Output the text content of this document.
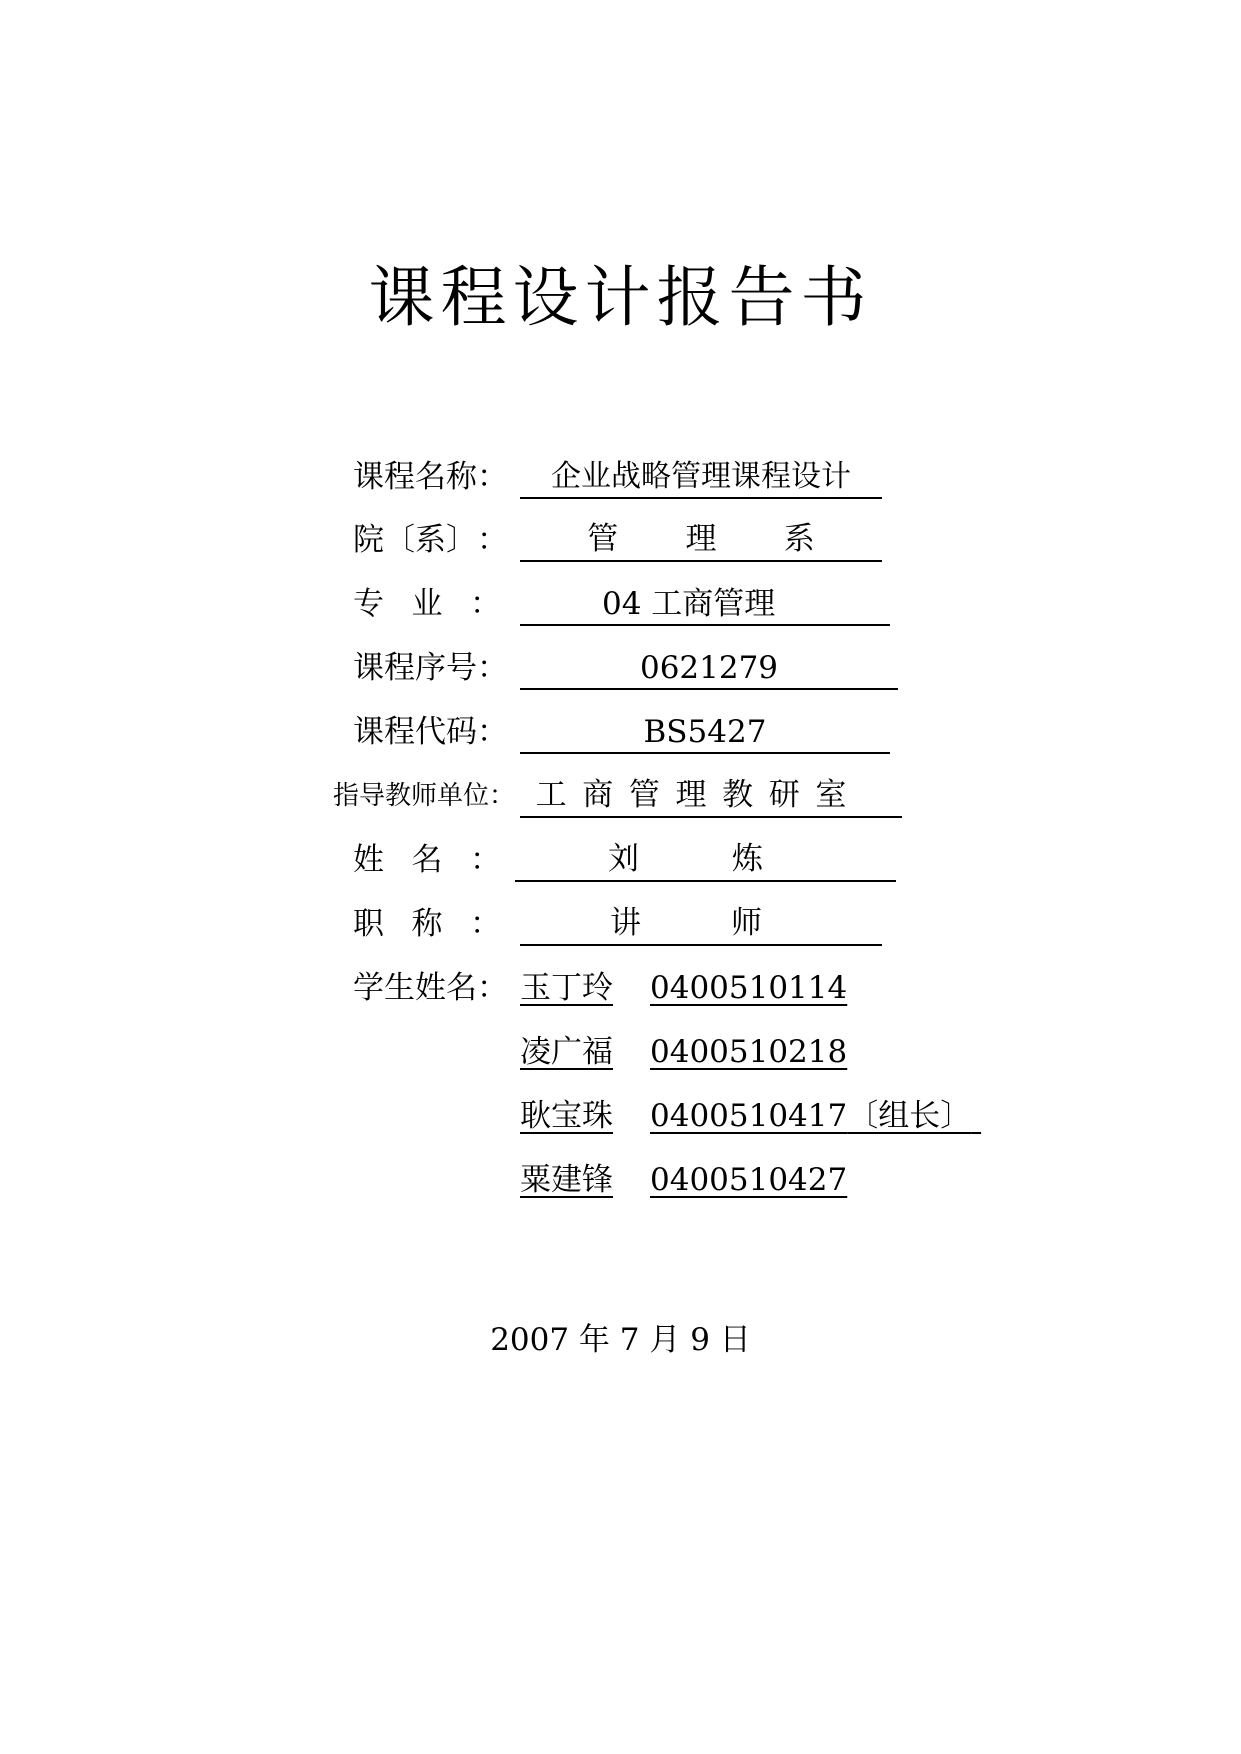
课程设计报告书
课程名称：	企业战略管理课程设计
院 〔系〕 ：	管 理 系
专 业 ：	04 工商管理
课程序号：	0621279
课程代码：	BS5427
指导教师单位： 工 商 管 理 教 研 室
姓 名 ：	刘	炼
职 称 ：	讲	师
学生姓名： 玉丁玲 0400510114
凌广福 0400510218
耿宝珠 0400510417〔组长〕
粟建锋 0400510427
2007 年 7 月 9 日
